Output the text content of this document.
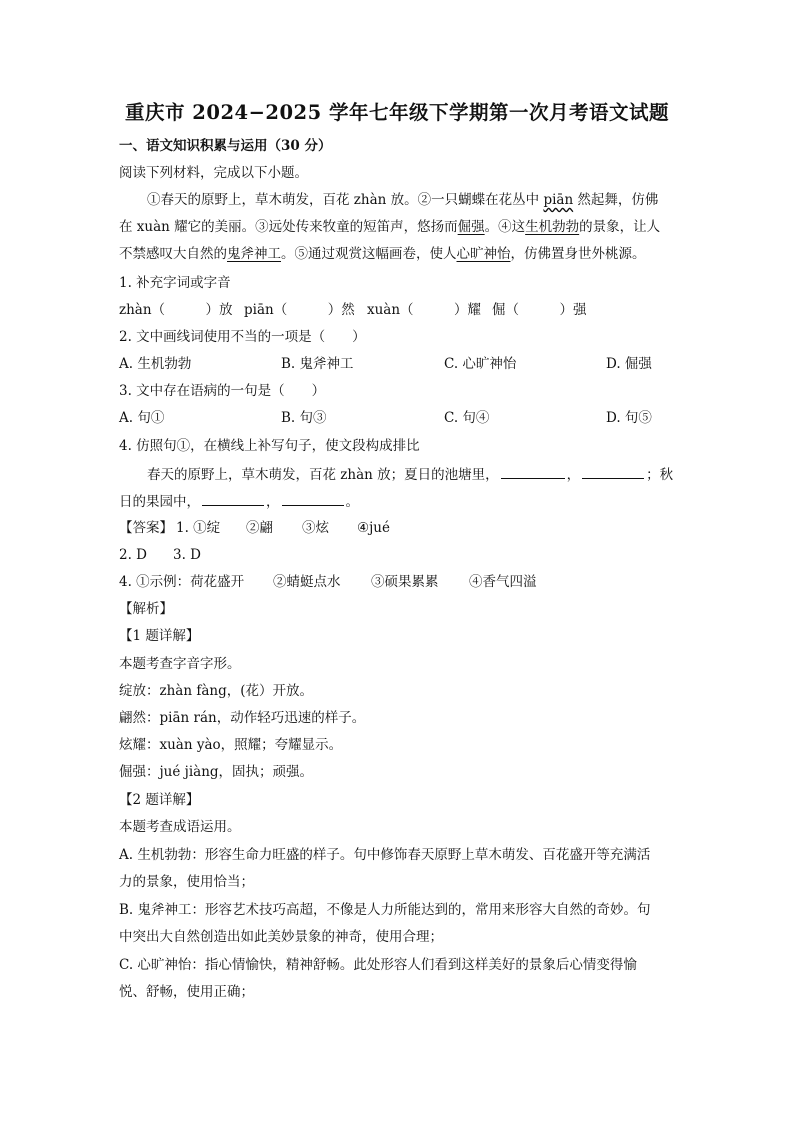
重庆市 2024−2025 学年七年级下学期第一次月考语文试题
一、语文知识积累与运用（30 分）
阅读下列材料，完成以下小题。
①春天的原野上，草木萌发，百花 zhàn 放。②一只蝴蝶在花丛中 piān 然起舞，仿佛
在 xuàn 耀它的美丽。③远处传来牧童的短笛声，悠扬而倔强。④这生机勃勃的景象，让人
不禁感叹大自然的鬼斧神工。⑤通过观赏这幅画卷，使人心旷神怡，仿佛置身世外桃源。
1. 补充字词或字音
zhàn（　　　）放 piān（　　　）然 xuàn（　　　）耀 倔（　　　）强
2. 文中画线词使用不当的一项是（　　）
A. 生机勃勃	B. 鬼斧神工	C. 心旷神怡	D. 倔强
3. 文中存在语病的一句是（　　）
A. 句①	B. 句③	C. 句④	D. 句⑤
4. 仿照句①，在横线上补写句子，使文段构成排比
春天的原野上，草木萌发，百花 zhàn 放；夏日的池塘里，	，	；秋
日的果园中，	，	。
【答案】 1. ①绽 ②翩 ③炫 ④jué
2. D 3. D
4. ①示例：荷花盛开 ②蜻蜓点水 ③硕果累累 ④香气四溢
【解析】
【1 题详解】
本题考查字音字形。
绽放：zhàn fàng，(花）开放。
翩然：piān rán，动作轻巧迅速的样子。
炫耀：xuàn yào，照耀；夸耀显示。
倔强：jué jiàng，固执；顽强。
【2 题详解】
本题考查成语运用。
A. 生机勃勃：形容生命力旺盛的样子。句中修饰春天原野上草木萌发、百花盛开等充满活
力的景象，使用恰当；
B. 鬼斧神工：形容艺术技巧高超，不像是人力所能达到的，常用来形容大自然的奇妙。句
中突出大自然创造出如此美妙景象的神奇，使用合理；
C. 心旷神怡：指心情愉快，精神舒畅。此处形容人们看到这样美好的景象后心情变得愉
悦、舒畅，使用正确；
